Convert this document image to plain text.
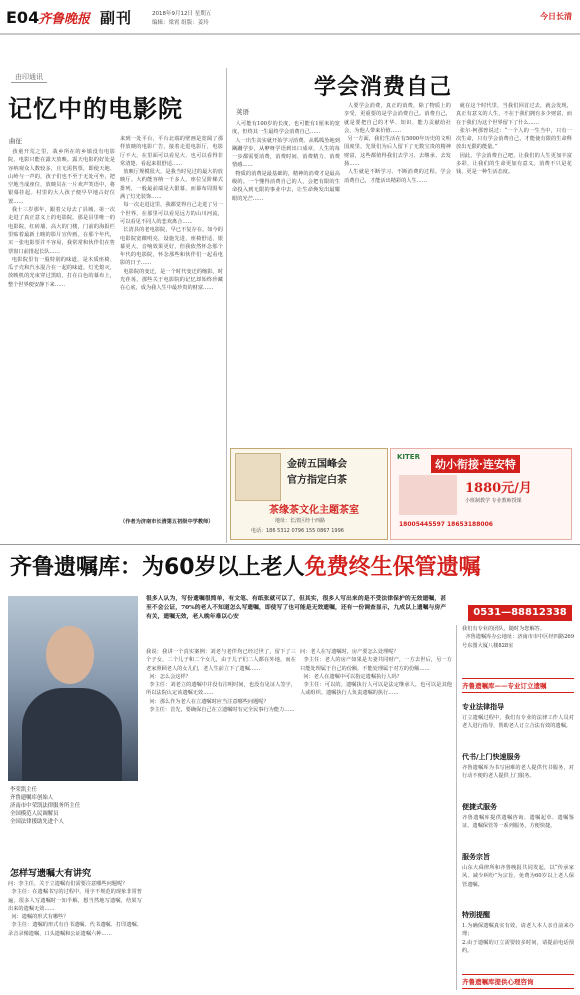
E04
齐鲁晚报 副刊	2018年9月12日 星期五
编辑：梁霄 组版：姜玲
今日长清
由印通讯
记忆中的电影院
曲征
孩童开荒之里，栽乡所在的乡镇没有电影院，电影只能在露天放映。露天电影的好处是容纳观众人数较多，且无需售票，即使天地、山岭与一声的，孩子们也不至于无处可坐，把空地当成座位，放映员在一片欢声笑语中，将银幕挂起。村里的大人孩子便早早地占好位置……
我十三岁那年，跟着父母去了县城，第一次走进了真正意义上的电影院。那是县里唯一的电影院，红砖墙，高大的门楼，门前的海报栏里贴着最新上映的影片宣传画。在那个年代，买一张电影票并不容易，我常常和伙伴们在售票窗口前排起长队……
电影院里有一股特别的味道，是木质座椅、瓜子壳和汽水混合在一起的味道。灯光熄灭，放映机的光束穿过黑暗，打在白色的幕布上，整个世界便安静下来……
来到一处平台，平台北端的壁画是宽阔了那样放映的电影广告，接着走进电影厅，电影厅不大，在里面可以看见大、也可以看得非常清楚、看起来很舒适……
放映厅规模很大，是我当时见过的最大的放映厅。大约能容纳一千多人，座位呈阶梯式排列，一般最前端是大银幕，而幕布周围布满了灯光装饰……
每一次走进这里，我都觉得自己走进了另一个世界，在那里可以看见远方的山川河流，可以看见不同人的悲欢离合……
长清县的老电影院，早已不复存在。如今的电影院宽敞明亮，设施先进，座椅舒适，银幕更大，音响效果更好，但我依然怀念那个年代的电影院，怀念那些和伙伴们一起看电影的日子……
电影院的变迁，是一个时代变迁的缩影。时光荏苒，那些关于电影院的记忆却始终珍藏在心底，成为我人生中最珍贵的财富……
（作者为济南市长清第五初级中学教师）
学会消费自己
荚语
人可能有100岁的长度，也可能有1厘米的宽度，但终其一生最终学会消费自己……
人一出生其实就开始学习消费。从呱呱坠地到蹒跚学步，从咿呀学语到出口成章，人生的每一步都需要消费，消费时间、消费精力、消费情感……
物质的消费是最基础的，精神的消费才是最高级的。一个懂得消费自己的人，会把有限的生命投入到无限的事业中去，让生命焕发出最耀眼的光芒……
人要学会消费，真正的消费，除了物质上的享受，更重要的是学会消费自己。消费自己，就是要把自己的才华、知识、能力贡献给社会，为他人带来价值……
另一方面，我们生活在有5000年历史的文明国度里，先贤们为后人留下了无数宝贵的精神财富，这些都值得我们去学习、去继承、去发扬……
人生就是不断学习、不断消费的过程。学会消费自己，才能活出精彩的人生……
就在这个时代里，当我们回首过去，就会发现，真正有意义的人生，不在于我们拥有多少财富，而在于我们为这个世界留下了什么……
张尔·柯那曾说过：“一个人的一生当中，只有一次生命，只有学会消费自己，才能使有限的生命释放出无限的能量。”
因此，学会消费自己吧，让我们的人生更加丰富多彩，让我们的生命更加有意义。消费不只是花钱，更是一种生活态度。
金砖五国峰会
官方指定白茶
茶缘茶文化主题茶室
地址：长清区经十西路
电话：186 5312 0796 155 0867 1996
KITER
幼小衔接·连安特
1880元/月
小班制教学 专业教师授课
18005445597 18653188006
齐鲁遗嘱库：为60岁以上老人免费终生保管遗嘱
很多人认为，写份遗嘱很简单，有文笔、有纸张就可以了，但其实，很多人写出来的是不受法律保护的无效遗嘱，甚至不会公证，70%的老人不知道怎么写遗嘱，即使写了也可能是无效遗嘱，还有一份调查显示，九成以上遗嘱与房产有关，遗嘱无效，老人晚年难以心安	0531—88812338
李荣凯主任
齐鲁遗嘱库创始人
济南市中荣凯法律服务所主任
全国模范人民调解员
全国法律援助先进个人
怎样写遗嘱大有讲究
问：李主任，关于立遗嘱有们需要注意哪些问题呢？
李主任：在遗嘱书写的过程中，用字不规范的现象非常普遍，很多人写遗嘱时一知半解，想当然地写遗嘱，结果写出来的遗嘱无效……
问：遗嘱的形式有哪些？
李主任：遗嘱的形式有自书遗嘱、代书遗嘱、打印遗嘱、录音录像遗嘱、口头遗嘱和公证遗嘱六种……
我说：我讲一个真实案例：刘老与老伴均已经过世了，留下了三个子女，二个儿子和二个女儿，由于儿子们二人都在外地，而在老家照顾老人的女儿们，老人生前立下了遗嘱……
问：怎么会这样？
李主任：刘老立的遗嘱中并没有注明时间，也没有见证人签字，所以法院认定该遗嘱无效……
问：那么作为老人在立遗嘱时应当注意哪些问题呢？
李主任：首先，要确保自己在立遗嘱时有完全民事行为能力……
问：老人在写遗嘱时，房产要怎么处理呢？
李主任：老人的房产如果是夫妻共同财产，一方去世后，另一方只能处理属于自己的份额，不能处理属于对方的份额……
问：老人在遗嘱中可以指定遗嘱执行人吗？
李主任：可以的。遗嘱执行人可以是法定继承人，也可以是其他人或组织。遗嘱执行人负责遗嘱的执行……
我们有专业的团队，随时为您解答。
齐鲁遗嘱库办公地址：济南市市中区经四路269号东图大厦八楼828室
齐鲁遗嘱库——专业订立遗嘱
专业法律指导
订立遗嘱过程中，我们有专业的法律工作人员对老人进行指导，帮助老人订立合法有效的遗嘱。
代书/上门快速服务
齐鲁遗嘱库为书写困难的老人提供代书服务，对行动不便的老人提供上门服务。
便捷式服务
齐鲁遗嘱库提供遗嘱咨询、遗嘱起草、遗嘱鉴证、遗嘱保管等一系列服务，方便快捷。
服务宗旨
山东大舜律所和齐鲁晚报共同发起，以“传承家风、减少纠纷”为宗旨，免费为60岁以上老人保管遗嘱。
特别提醒
1.为确保遗嘱真实有效，请老人本人亲自前来办理；
2.由于遗嘱的订立需要较多时间，请提前电话预约。
齐鲁遗嘱库提供心理咨询
